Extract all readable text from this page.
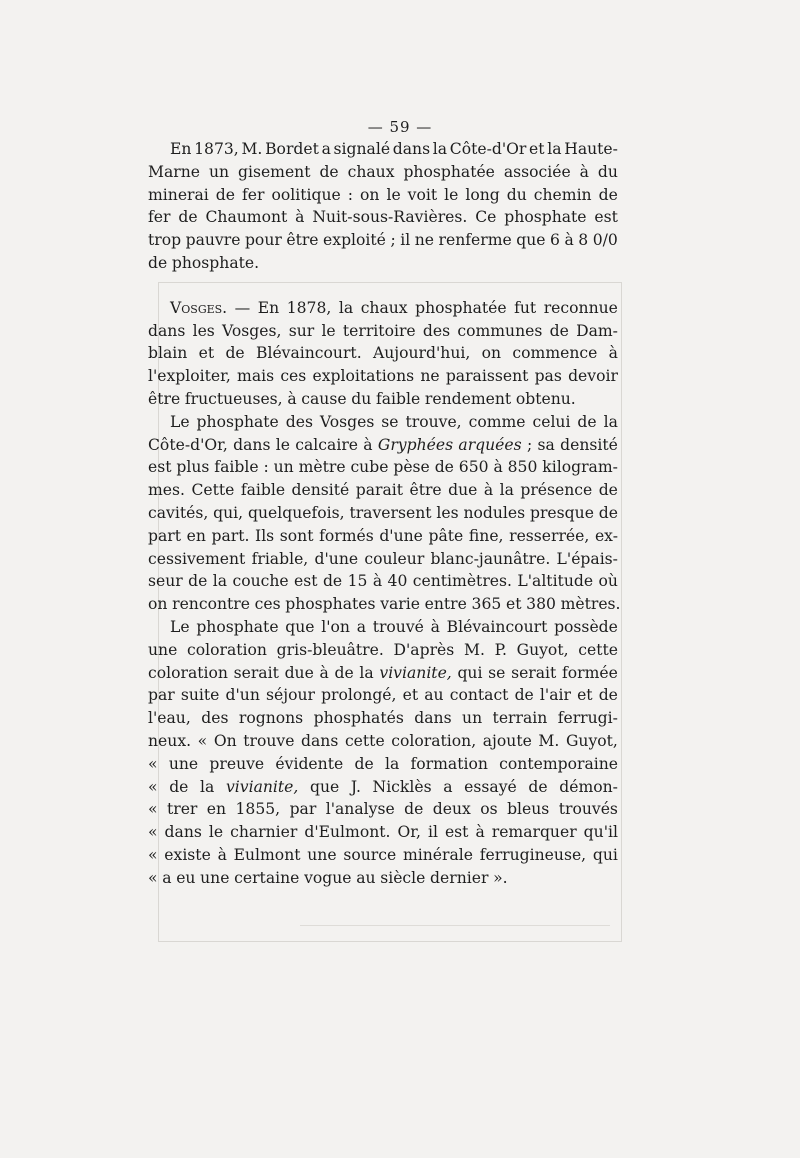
— 59 —
En 1873, M. Bordet a signalé dans la Côte-d'Or et la Haute-
Marne un gisement de chaux phosphatée associée à du
minerai de fer oolitique : on le voit le long du chemin de
fer de Chaumont à Nuit-sous-Ravières. Ce phosphate est
trop pauvre pour être exploité ; il ne renferme que 6 à 8 0/0
de phosphate.
Vosges. — En 1878, la chaux phosphatée fut reconnue
dans les Vosges, sur le territoire des communes de Dam-
blain et de Blévaincourt. Aujourd'hui, on commence à
l'exploiter, mais ces exploitations ne paraissent pas devoir
être fructueuses, à cause du faible rendement obtenu.
Le phosphate des Vosges se trouve, comme celui de la
Côte-d'Or, dans le calcaire à Gryphées arquées ; sa densité
est plus faible : un mètre cube pèse de 650 à 850 kilogram-
mes. Cette faible densité parait être due à la présence de
cavités, qui, quelquefois, traversent les nodules presque de
part en part. Ils sont formés d'une pâte fine, resserrée, ex-
cessivement friable, d'une couleur blanc-jaunâtre. L'épais-
seur de la couche est de 15 à 40 centimètres. L'altitude où
on rencontre ces phosphates varie entre 365 et 380 mètres.
Le phosphate que l'on a trouvé à Blévaincourt possède
une coloration gris-bleuâtre. D'après M. P. Guyot, cette
coloration serait due à de la vivianite, qui se serait formée
par suite d'un séjour prolongé, et au contact de l'air et de
l'eau, des rognons phosphatés dans un terrain ferrugi-
neux. « On trouve dans cette coloration, ajoute M. Guyot,
« une preuve évidente de la formation contemporaine
« de la vivianite, que J. Nicklès a essayé de démon-
« trer en 1855, par l'analyse de deux os bleus trouvés
« dans le charnier d'Eulmont. Or, il est à remarquer qu'il
« existe à Eulmont une source minérale ferrugineuse, qui
« a eu une certaine vogue au siècle dernier ».
